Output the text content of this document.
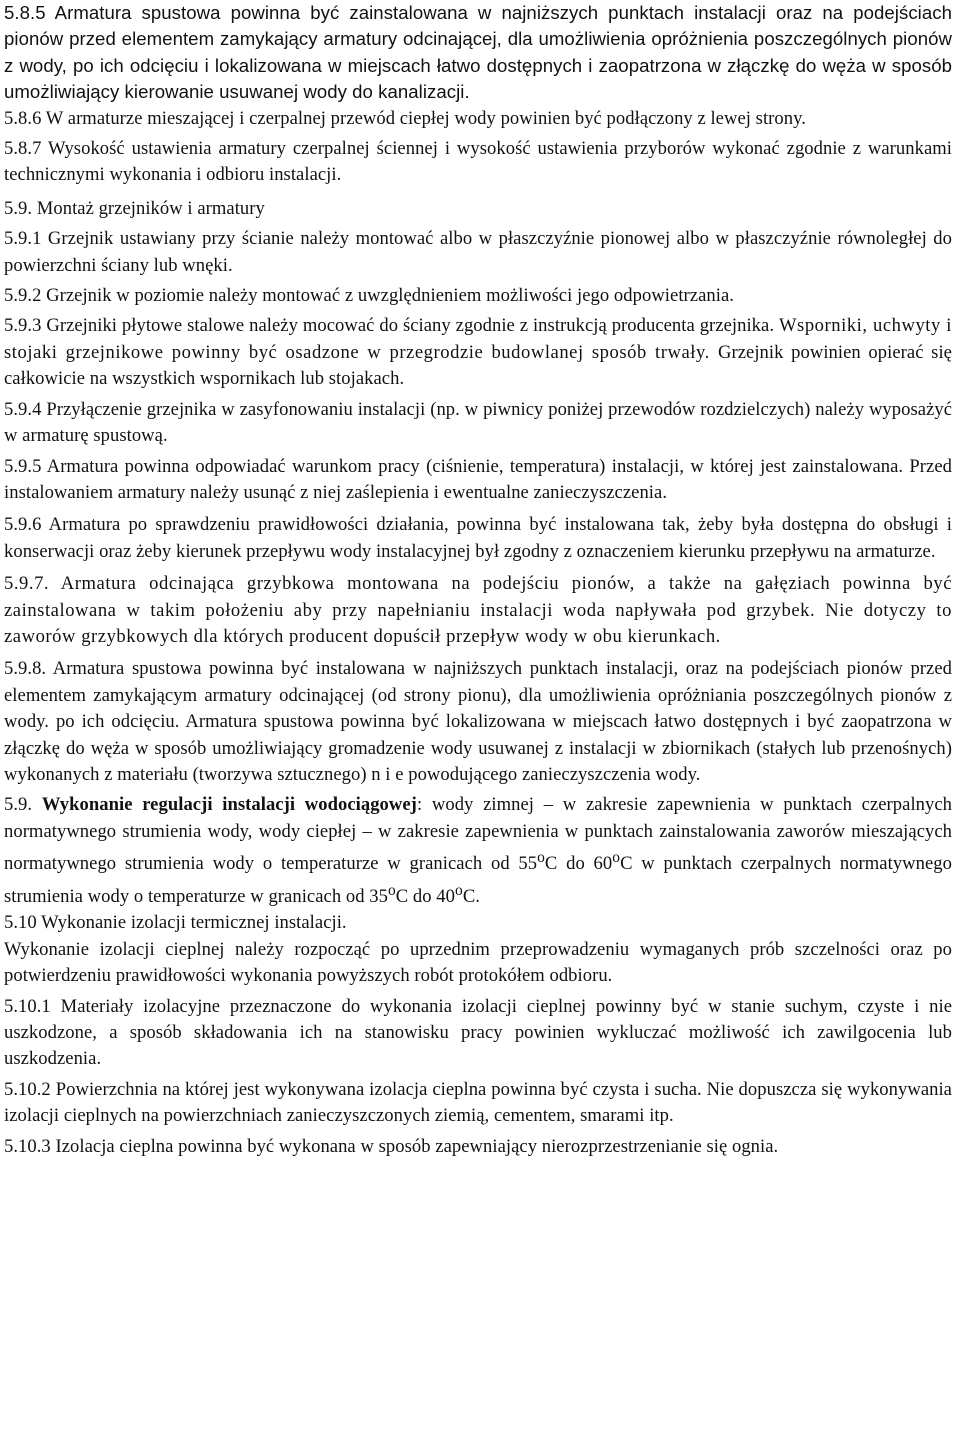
5.8.5 Armatura spustowa powinna być zainstalowana w najniższych punktach instalacji oraz na podejściach pionów przed elementem zamykający armatury odcinającej, dla umożliwienia opróżnienia poszczególnych pionów z wody, po ich odcięciu i lokalizowana w miejscach łatwo dostępnych i zaopatrzona w złączkę do węża w sposób umożliwiający kierowanie usuwanej wody do kanalizacji.

5.8.6 W armaturze mieszającej i czerpalnej przewód ciepłej wody powinien być podłączony z lewej strony.

5.8.7 Wysokość ustawienia armatury czerpalnej ściennej i wysokość ustawienia przyborów wykonać zgodnie z warunkami technicznymi wykonania i odbioru instalacji.

5.9. Montaż grzejników i armatury

5.9.1 Grzejnik ustawiany przy ścianie należy montować albo w płaszczyźnie pionowej albo w płaszczyźnie równoległej do powierzchni ściany lub wnęki.

5.9.2 Grzejnik w poziomie należy montować z uwzględnieniem możliwości jego odpowietrzania.

5.9.3 Grzejniki płytowe stalowe należy mocować do ściany zgodnie z instrukcją producenta grzejnika. Wsporniki, uchwyty i stojaki grzejnikowe powinny być osadzone w przegrodzie budowlanej sposób trwały. Grzejnik powinien opierać się całkowicie na wszystkich wspornikach lub stojakach.

5.9.4 Przyłączenie grzejnika w zasyfonowaniu instalacji (np. w piwnicy poniżej przewodów rozdzielczych) należy wyposażyć w armaturę spustową.

5.9.5 Armatura powinna odpowiadać warunkom pracy (ciśnienie, temperatura) instalacji, w której jest zainstalowana. Przed instalowaniem armatury należy usunąć z niej zaślepienia i ewentualne zanieczyszczenia.

5.9.6 Armatura po sprawdzeniu prawidłowości działania, powinna być instalowana tak, żeby była dostępna do obsługi i konserwacji oraz żeby kierunek przepływu wody instalacyjnej był zgodny z oznaczeniem kierunku przepływu na armaturze.

5.9.7. Armatura odcinająca grzybkowa montowana na podejściu pionów, a także na gałęziach powinna być zainstalowana w takim położeniu aby przy napełnianiu instalacji woda napływała pod grzybek. Nie dotyczy to zaworów grzybkowych dla których producent dopuścił przepływ wody w obu kierunkach.

5.9.8. Armatura spustowa powinna być instalowana w najniższych punktach instalacji, oraz na podejściach pionów przed elementem zamykającym armatury odcinającej (od strony pionu), dla umożliwienia opróżniania poszczególnych pionów z wody. po ich odcięciu. Armatura spustowa powinna być lokalizowana w miejscach łatwo dostępnych i być zaopatrzona w złączkę do węża w sposób umożliwiający gromadzenie wody usuwanej z instalacji w zbiornikach (stałych lub przenośnych) wykonanych z materiału (tworzywa sztucznego) n i e powodującego zanieczyszczenia wody.

5.9. Wykonanie regulacji instalacji wodociągowej: wody zimnej – w zakresie zapewnienia w punktach czerpalnych normatywnego strumienia wody, wody ciepłej – w zakresie zapewnienia w punktach zainstalowania zaworów mieszających normatywnego strumienia wody o temperaturze w granicach od 55$^o$C do 60$^o$C w punktach czerpalnych normatywnego strumienia wody o temperaturze w granicach od 35$^o$C do 40$^o$C.

5.10 Wykonanie izolacji termicznej instalacji.

Wykonanie izolacji cieplnej należy rozpocząć po uprzednim przeprowadzeniu wymaganych prób szczelności oraz po potwierdzeniu prawidłowości wykonania powyższych robót protokółem odbioru.

5.10.1 Materiały izolacyjne przeznaczone do wykonania izolacji cieplnej powinny być w stanie suchym, czyste i nie uszkodzone, a sposób składowania ich na stanowisku pracy powinien wykluczać możliwość ich zawilgocenia lub uszkodzenia.

5.10.2 Powierzchnia na której jest wykonywana izolacja cieplna powinna być czysta i sucha. Nie dopuszcza się wykonywania izolacji cieplnych na powierzchniach zanieczyszczonych ziemią, cementem, smarami itp.

5.10.3 Izolacja cieplna powinna być wykonana w sposób zapewniający nierozprzestrzenianie się ognia.
